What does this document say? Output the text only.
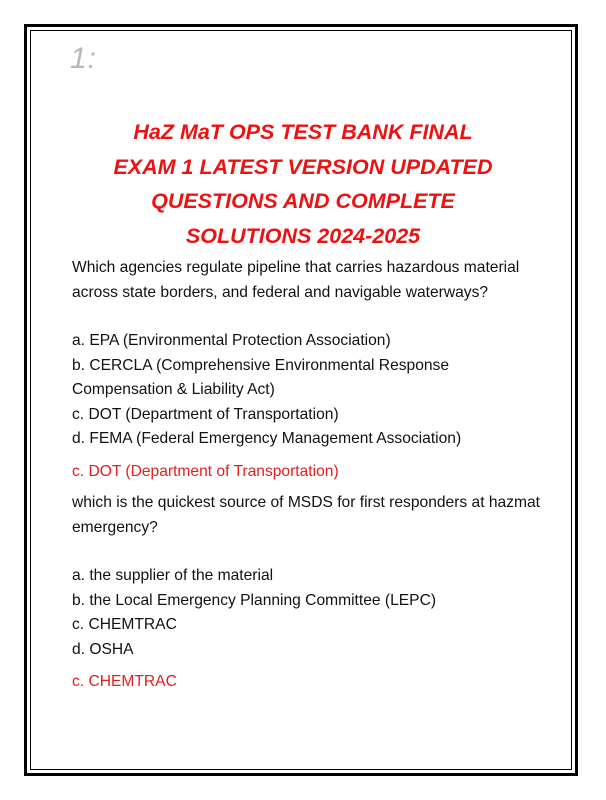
1:
HaZ MaT OPS TEST BANK FINAL
EXAM 1 LATEST VERSION UPDATED
QUESTIONS AND COMPLETE
SOLUTIONS 2024-2025

Which agencies regulate pipeline that carries hazardous material across state borders, and federal and navigable waterways?

a. EPA (Environmental Protection Association)
b. CERCLA (Comprehensive Environmental Response Compensation & Liability Act)
c. DOT (Department of Transportation)
d. FEMA (Federal Emergency Management Association)

c. DOT (Department of Transportation)

which is the quickest source of MSDS for first responders at hazmat emergency?

a. the supplier of the material
b. the Local Emergency Planning Committee (LEPC)
c. CHEMTRAC
d. OSHA

c. CHEMTRAC
